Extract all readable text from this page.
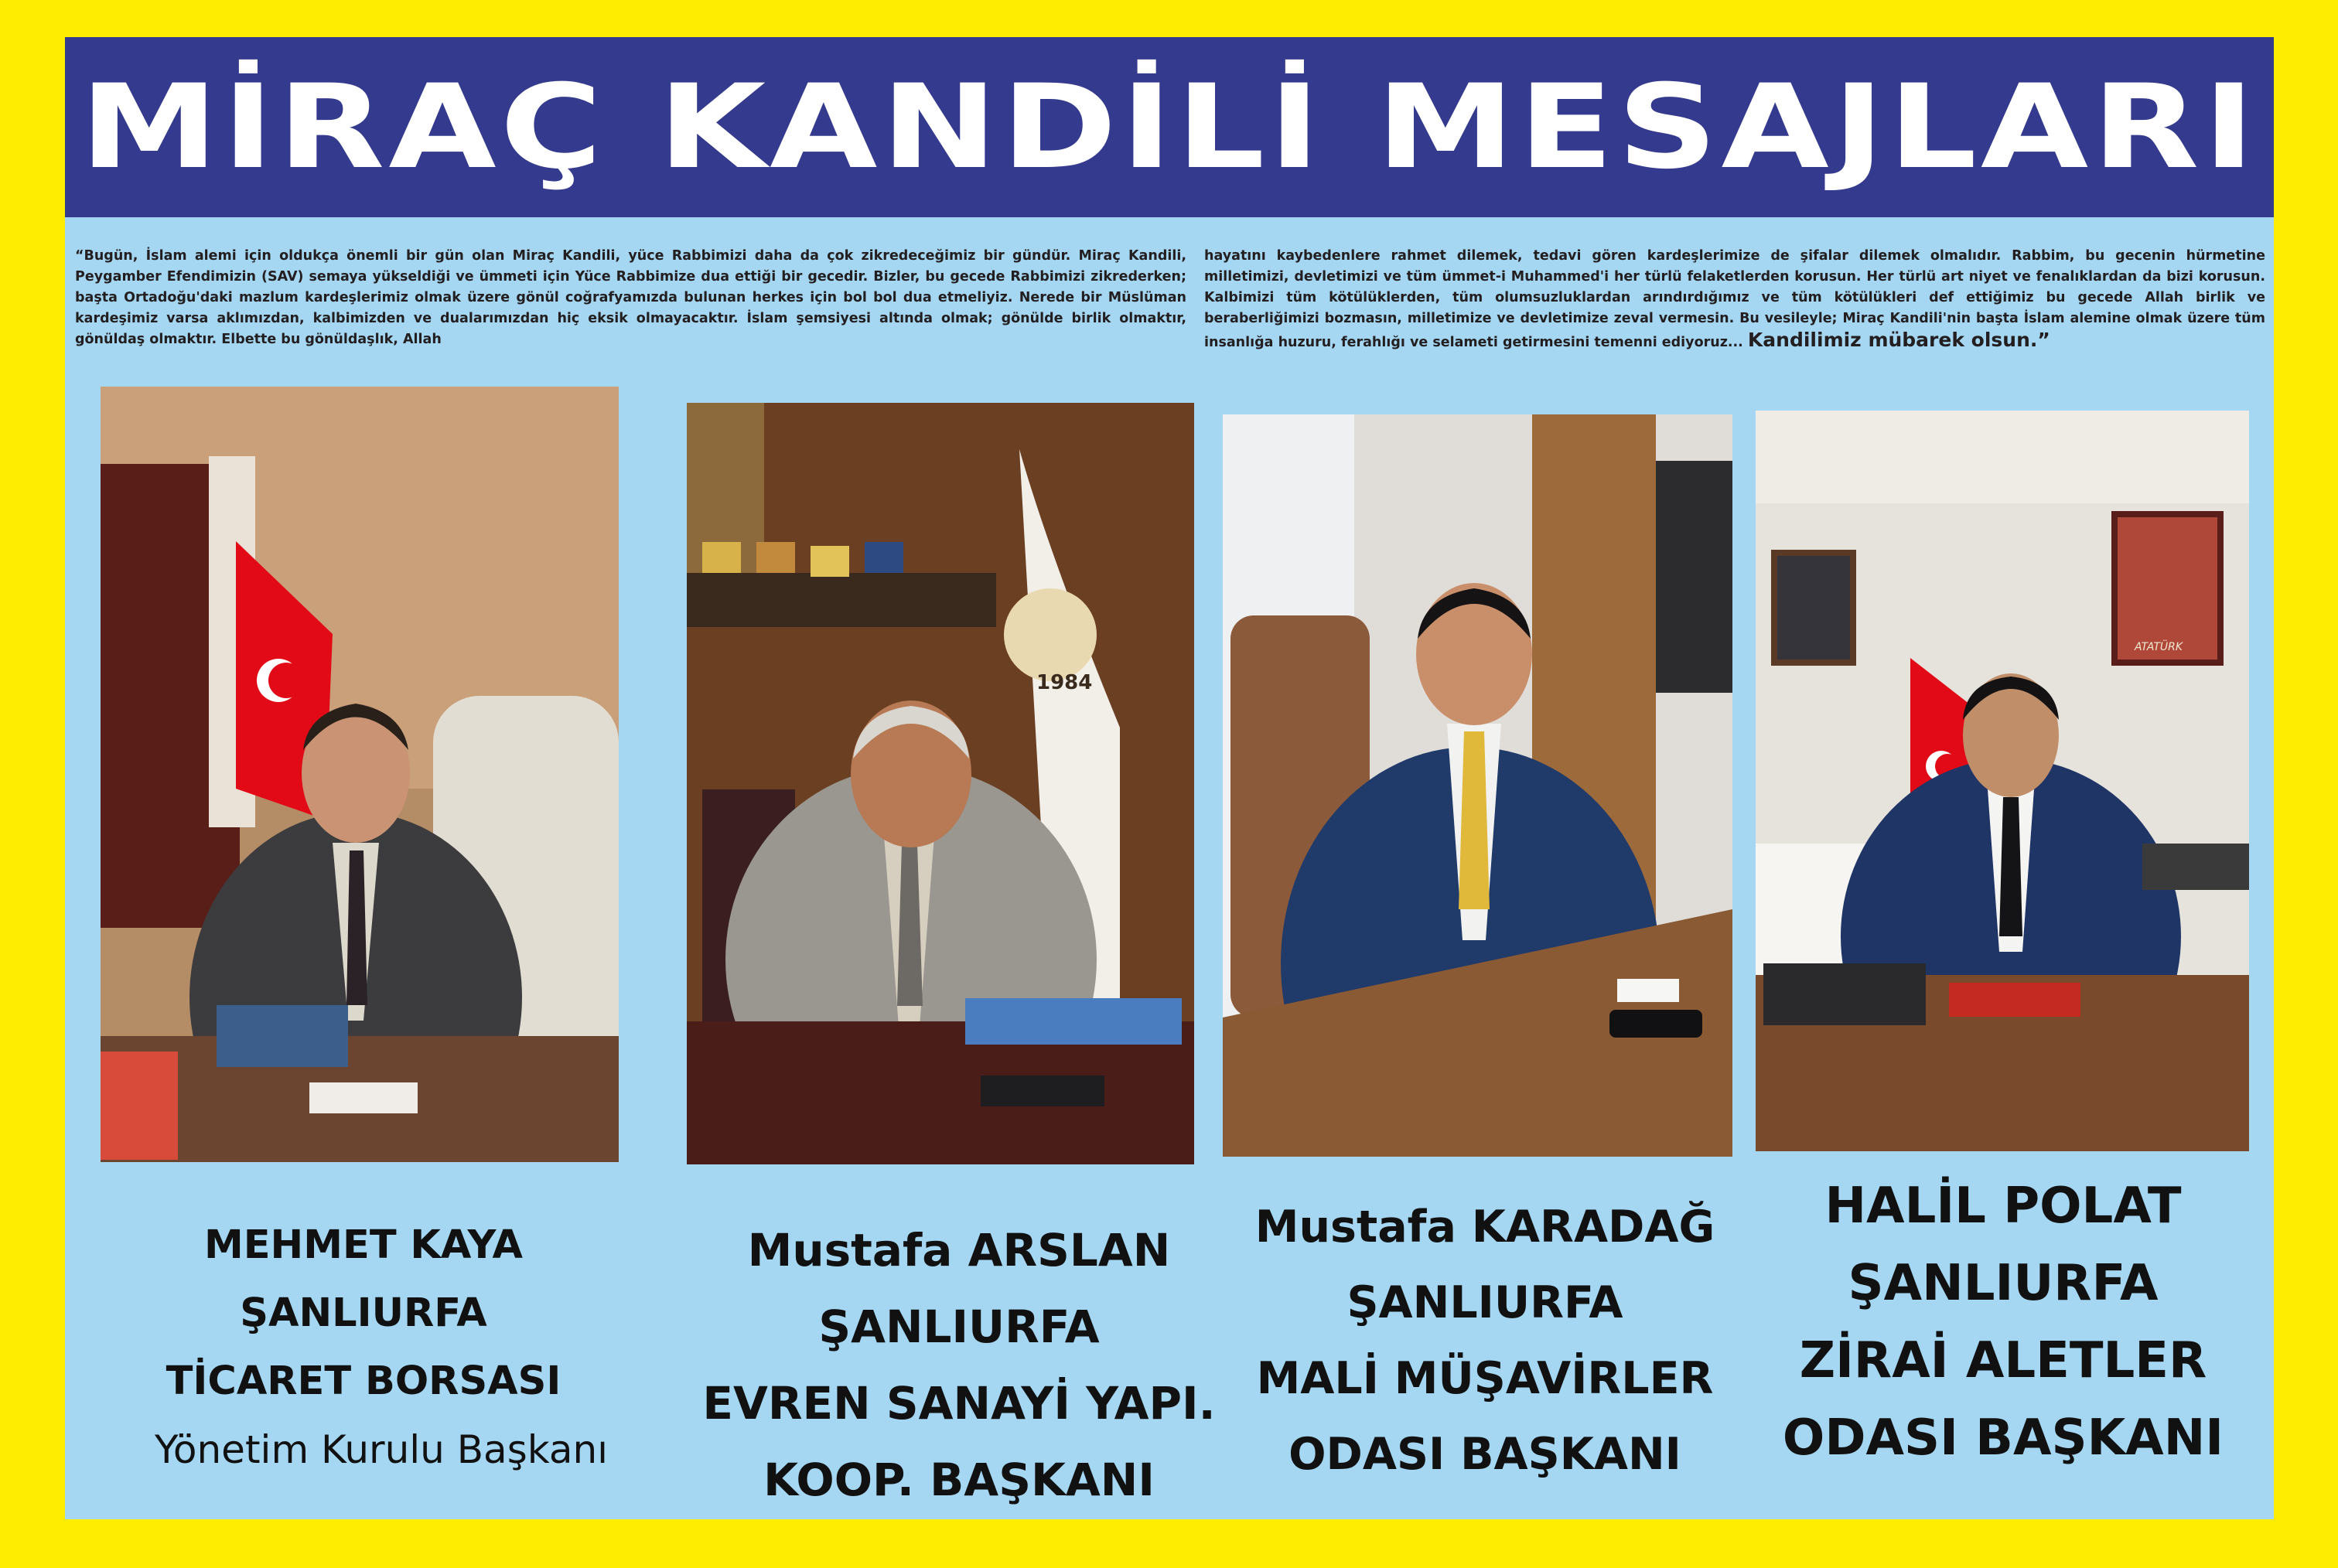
MİRAÇ KANDİLİ MESAJLARI

“Bugün, İslam alemi için oldukça önemli bir gün olan Miraç Kandili, yüce Rabbimizi daha da çok zikredeceğimiz bir gündür. Miraç Kandili, Peygamber Efendimizin (SAV) semaya yükseldiği ve ümmeti için Yüce Rabbimize dua ettiği bir gecedir. Bizler, bu gecede Rabbimizi zikrederken; başta Ortadoğu'daki mazlum kardeşlerimiz olmak üzere gönül coğrafyamızda bulunan herkes için bol bol dua etmeliyiz. Nerede bir Müslüman kardeşimiz varsa aklımızdan, kalbimizden ve dualarımızdan hiç eksik olmayacaktır. İslam şemsiyesi altında olmak; gönülde birlik olmaktır, gönüldaş olmaktır. Elbette bu gönüldaşlık, Allah

hayatını kaybedenlere rahmet dilemek, tedavi gören kardeşlerimize de şifalar dilemek olmalıdır. Rabbim, bu gecenin hürmetine milletimizi, devletimizi ve tüm ümmet-i Muhammed'i her türlü felaketlerden korusun. Her türlü art niyet ve fenalıklardan da bizi korusun. Kalbimizi tüm kötülüklerden, tüm olumsuzluklardan arındırdığımız ve tüm kötülükleri def ettiğimiz bu gecede Allah birlik ve beraberliğimizi bozmasın, milletimize ve devletimize zeval vermesin. Bu vesileyle; Miraç Kandili'nin başta İslam alemine olmak üzere tüm insanlığa huzuru, ferahlığı ve selameti getirmesini temenni ediyoruz... Kandilimiz mübarek olsun.”

1984
ATATÜRK
MEHMET KAYA
ŞANLIURFA
TİCARET BORSASI
Yönetim Kurulu Başkanı
Mustafa ARSLAN
ŞANLIURFA
EVREN SANAYİ YAPI.
KOOP. BAŞKANI
Mustafa KARADAĞ
ŞANLIURFA
MALİ MÜŞAVİRLER
ODASI BAŞKANI
HALİL POLAT
ŞANLIURFA
ZİRAİ ALETLER
ODASI BAŞKANI
